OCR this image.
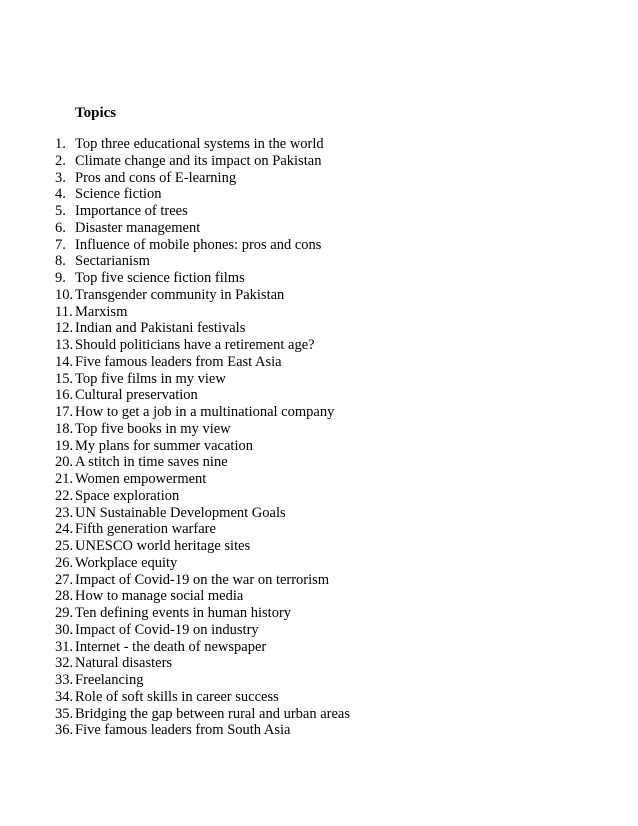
Topics
1. Top three educational systems in the world
2. Climate change and its impact on Pakistan
3. Pros and cons of E-learning
4. Science fiction
5. Importance of trees
6. Disaster management
7. Influence of mobile phones: pros and cons
8. Sectarianism
9. Top five science fiction films
10. Transgender community in Pakistan
11. Marxism
12. Indian and Pakistani festivals
13. Should politicians have a retirement age?
14. Five famous leaders from East Asia
15. Top five films in my view
16. Cultural preservation
17. How to get a job in a multinational company
18. Top five books in my view
19. My plans for summer vacation
20. A stitch in time saves nine
21. Women empowerment
22. Space exploration
23. UN Sustainable Development Goals
24. Fifth generation warfare
25. UNESCO world heritage sites
26. Workplace equity
27. Impact of Covid-19 on the war on terrorism
28. How to manage social media
29. Ten defining events in human history
30. Impact of Covid-19 on industry
31. Internet - the death of newspaper
32. Natural disasters
33. Freelancing
34. Role of soft skills in career success
35. Bridging the gap between rural and urban areas
36. Five famous leaders from South Asia
